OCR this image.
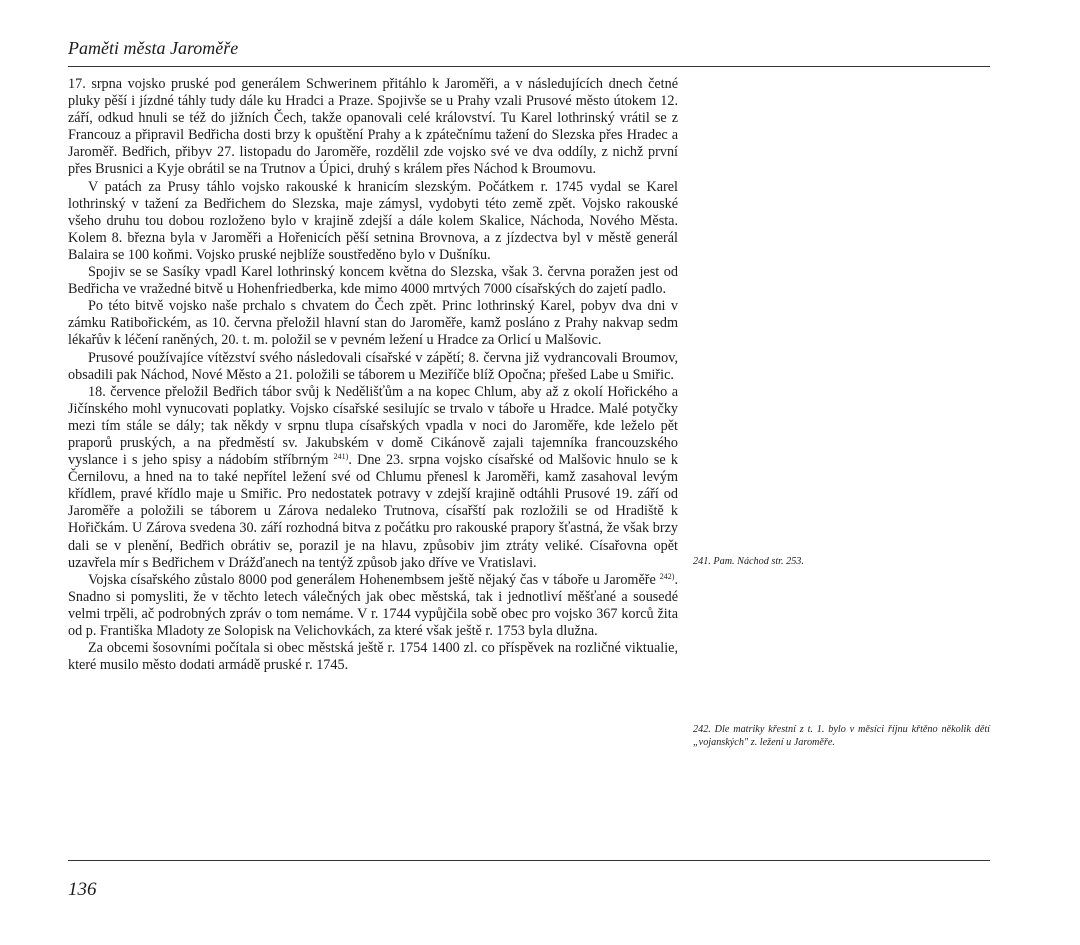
Paměti města Jaroměře

17. srpna vojsko pruské pod generálem Schwerinem přitáhlo k Jaroměři, a v následujících dnech četné pluky pěší i jízdné táhly tudy dále ku Hradci a Praze. Spojivše se u Prahy vzali Prusové město útokem 12. září, odkud hnuli se též do jižních Čech, takže opanovali celé království. Tu Karel lothrinský vrátil se z Francouz a připravil Bedřicha dosti brzy k opuštění Prahy a k zpátečnímu tažení do Slezska přes Hradec a Jaroměř. Bedřich, přibyv 27. listopadu do Jaroměře, rozdělil zde vojsko své ve dva oddíly, z nichž první přes Brusnici a Kyje obrátil se na Trutnov a Úpici, druhý s králem přes Náchod k Broumovu.

V patách za Prusy táhlo vojsko rakouské k hranicím slezským. Počátkem r. 1745 vydal se Karel lothrinský v tažení za Bedřichem do Slezska, maje zámysl, vydobyti této země zpět. Vojsko rakouské všeho druhu tou dobou rozloženo bylo v krajině zdejší a dále kolem Skalice, Náchoda, Nového Města. Kolem 8. března byla v Jaroměři a Hořenicích pěší setnina Brovnova, a z jízdectva byl v městě generál Balaira se 100 koňmi. Vojsko pruské nejblíže soustředěno bylo v Dušníku.

Spojiv se se Sasíky vpadl Karel lothrinský koncem května do Slezska, však 3. června poražen jest od Bedřicha ve vražedné bitvě u Hohenfriedberka, kde mimo 4000 mrtvých 7000 císařských do zajetí padlo.

Po této bitvě vojsko naše prchalo s chvatem do Čech zpět. Princ lothrinský Karel, pobyv dva dni v zámku Ratibořickém, as 10. června přeložil hlavní stan do Jaroměře, kamž posláno z Prahy nakvap sedm lékařův k léčení raněných, 20. t. m. položil se v pevném ležení u Hradce za Orlicí u Malšovic.

Prusové používajíce vítězství svého následovali císařské v zápětí; 8. června již vydrancovali Broumov, obsadili pak Náchod, Nové Město a 21. položili se táborem u Meziříče blíž Opočna; přešed Labe u Smiřic.

18. července přeložil Bedřich tábor svůj k Nedělišťům a na kopec Chlum, aby až z okolí Hořického a Jičínského mohl vynucovati poplatky. Vojsko císařské sesilujíc se trvalo v táboře u Hradce. Malé potyčky mezi tím stále se dály; tak někdy v srpnu tlupa císařských vpadla v noci do Jaroměře, kde leželo pět praporů pruských, a na předměstí sv. Jakubském v domě Cikánově zajali tajemníka francouzského vyslance i s jeho spisy a nádobím stříbrným $^{241)}$. Dne 23. srpna vojsko císařské od Malšovic hnulo se k Černilovu, a hned na to také nepřítel ležení své od Chlumu přenesl k Jaroměři, kamž zasahoval levým křídlem, pravé křídlo maje u Smiřic. Pro nedostatek potravy v zdejší krajině odtáhli Prusové 19. září od Jaroměře a položili se táborem u Zárova nedaleko Trutnova, císařští pak rozložili se od Hradiště k Hořičkám. U Zárova svedena 30. září rozhodná bitva z počátku pro rakouské prapory šťastná, že však brzy dali se v plenění, Bedřich obrátiv se, porazil je na hlavu, způsobiv jim ztráty veliké. Císařovna opět uzavřela mír s Bedřichem v Drážďanech na tentýž způsob jako dříve ve Vratislavi.

Vojska císařského zůstalo 8000 pod generálem Hohenembsem ještě nějaký čas v táboře u Jaroměře $^{242)}$. Snadno si pomysliti, že v těchto letech válečných jak obec městská, tak i jednotliví měšťané a sousedé velmi trpěli, ač podrobných zpráv o tom nemáme. V r. 1744 vypůjčila sobě obec pro vojsko 367 korců žita od p. Františka Mladoty ze Solopisk na Velichovkách, za které však ještě r. 1753 byla dlužna.

Za obcemi šosovními počítala si obec městská ještě r. 1754 1400 zl. co příspěvek na rozličné viktualie, které musilo město dodati armádě pruské r. 1745.

241. Pam. Náchod str. 253.
242. Dle matriky křestní z t. 1. bylo v měsíci říjnu křtěno několik dětí „vojanských" z. ležení u Jaroměře.
136
